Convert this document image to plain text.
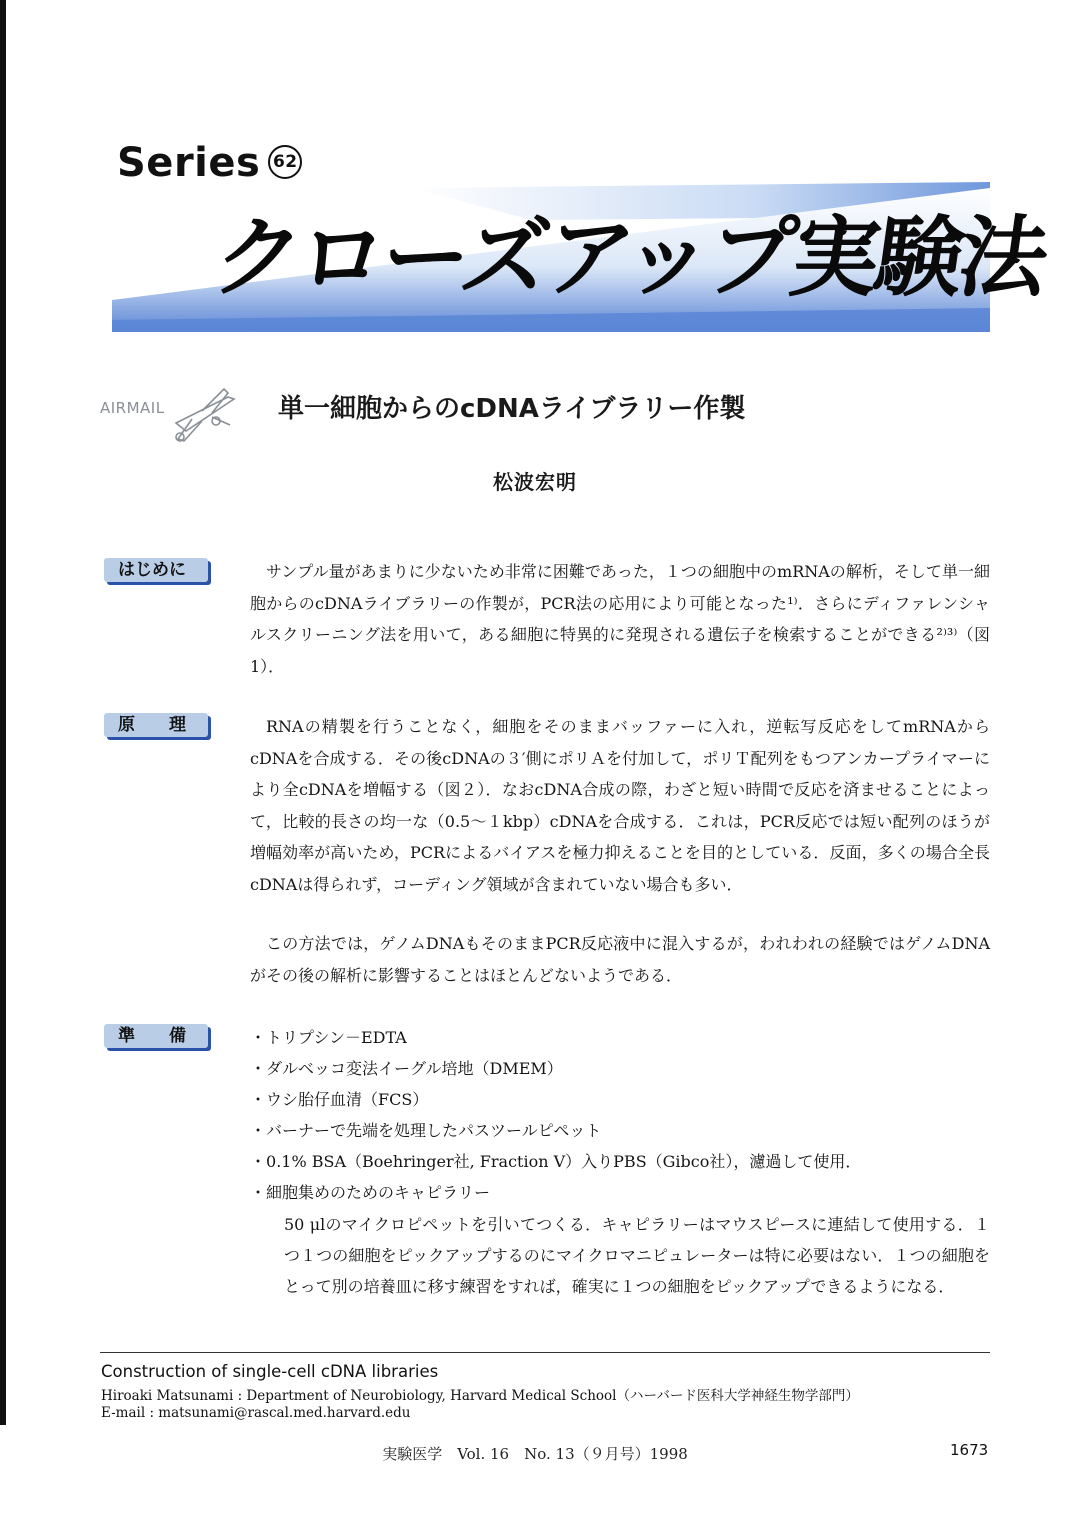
Series 62
クローズアップ実験法
AIRMAIL	単一細胞からのcDNAライブラリー作製
松波宏明
はじめに	サンプル量があまりに少ないため非常に困難であった，１つの細胞中のmRNAの解析，そして単一細胞からのcDNAライブラリーの作製が，PCR法の応用により可能となった¹⁾．さらにディファレンシャルスクリーニング法を用いて，ある細胞に特異的に発現される遺伝子を検索することができる²⁾³⁾（図1）．

原 理	RNAの精製を行うことなく，細胞をそのままバッファーに入れ，逆転写反応をしてmRNAからcDNAを合成する．その後cDNAの３′側にポリＡを付加して，ポリＴ配列をもつアンカープライマーにより全cDNAを増幅する（図２）．なおcDNA合成の際，わざと短い時間で反応を済ませることによって，比較的長さの均一な（0.5～１kbp）cDNAを合成する．これは，PCR反応では短い配列のほうが増幅効率が高いため，PCRによるバイアスを極力抑えることを目的としている．反面，多くの場合全長cDNAは得られず，コーディング領域が含まれていない場合も多い．

この方法では，ゲノムDNAもそのままPCR反応液中に混入するが，われわれの経験ではゲノムDNAがその後の解析に影響することはほとんどないようである．

準 備
・	トリプシン－EDTA
・ ダルベッコ変法イーグル培地（DMEM）
・ ウシ胎仔血清（FCS）
・ バーナーで先端を処理したパスツールピペット
・ 0.1% BSA（Boehringer社, Fraction V）入りPBS（Gibco社），濾過して使用．
・ 細胞集めのためのキャピラリー

50 μlのマイクロピペットを引いてつくる．キャピラリーはマウスピースに連結して使用する．１つ１つの細胞をピックアップするのにマイクロマニピュレーターは特に必要はない．１つの細胞をとって別の培養皿に移す練習をすれば，確実に１つの細胞をピックアップできるようになる．

Construction of single-cell cDNA libraries
Hiroaki Matsunami : Department of Neurobiology, Harvard Medical School（ハーバード医科大学神経生物学部門）
E-mail : matsunami@rascal.med.harvard.edu
実験医学　Vol. 16　No. 13（９月号）1998	1673
